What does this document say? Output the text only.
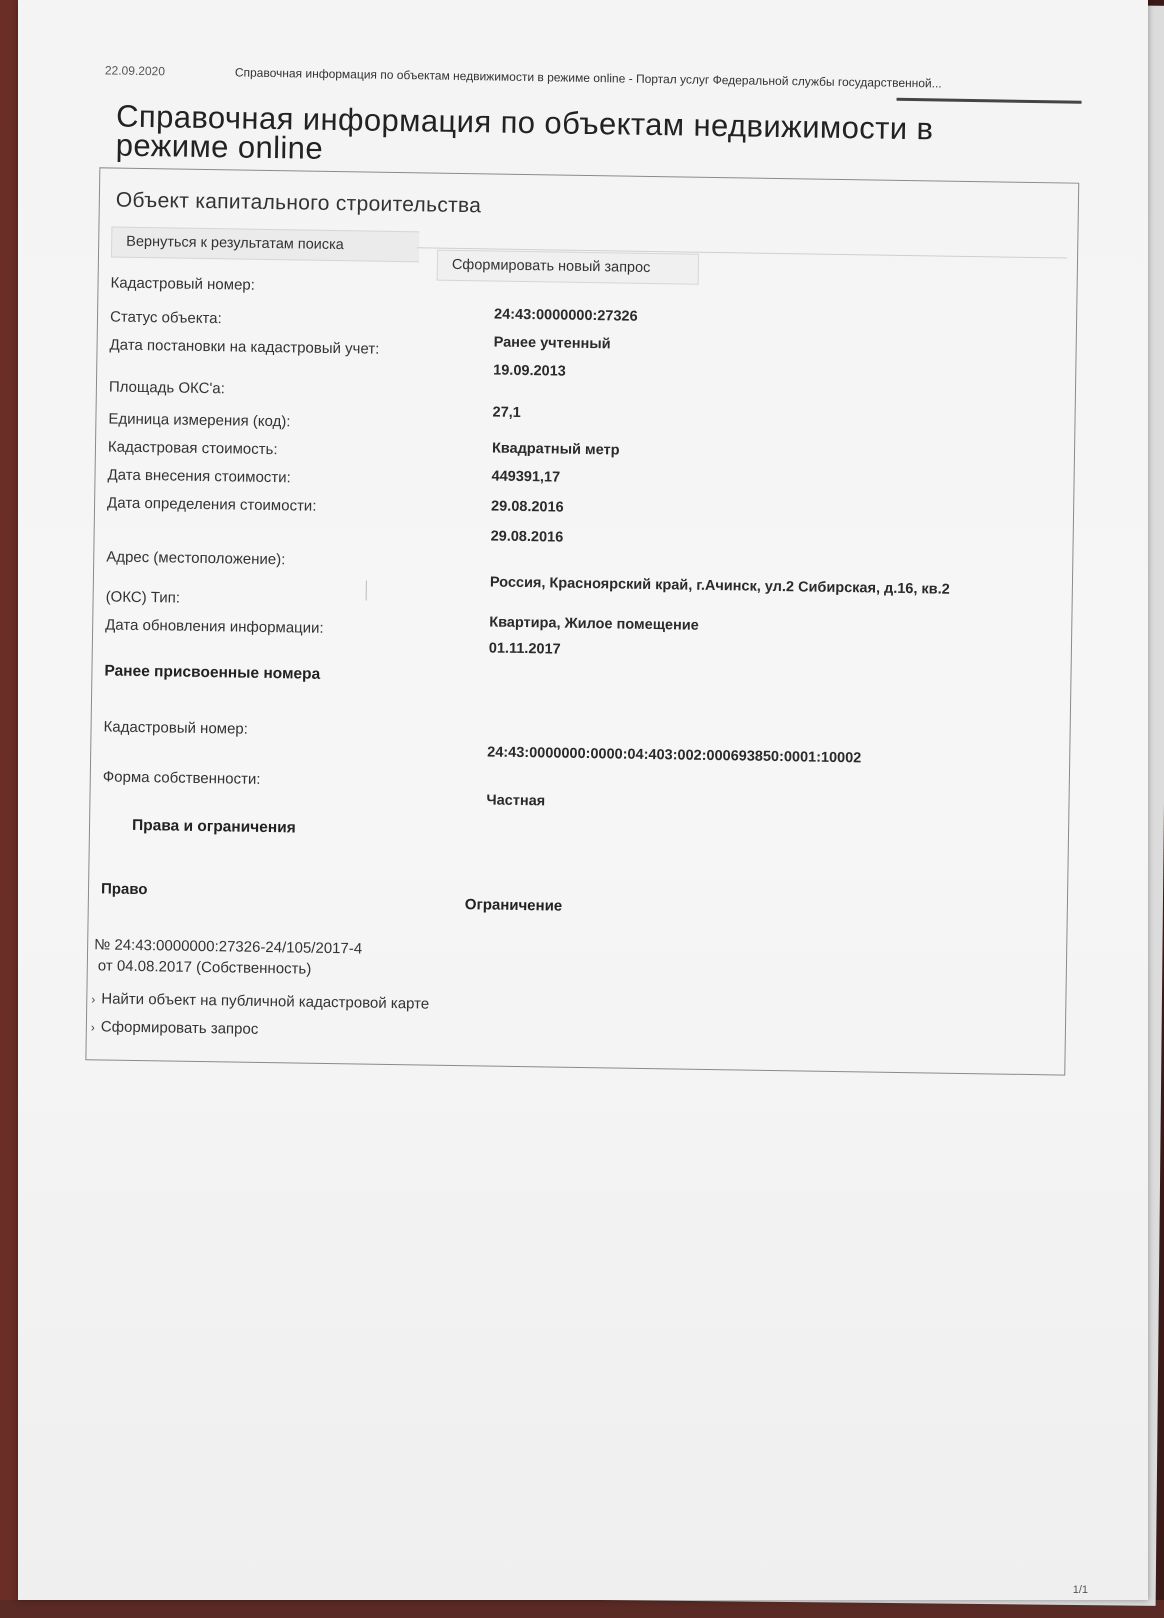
22.09.2020	Справочная информация по объектам недвижимости в режиме online - Портал услуг Федеральной службы государственной...
Справочная информация по объектам недвижимости в режиме online
Объект капитального строительства
Вернуться к результатам поиска
Сформировать новый запрос
Кадастровый номер:
24:43:0000000:27326
Статус объекта:
Ранее учтенный
Дата постановки на кадастровый учет:
19.09.2013
Площадь ОКС'а:
27,1
Единица измерения (код):
Квадратный метр
Кадастровая стоимость:
449391,17
Дата внесения стоимости:
29.08.2016
Дата определения стоимости:
29.08.2016
Адрес (местоположение):
Россия, Красноярский край, г.Ачинск, ул.2 Сибирская, д.16, кв.2
(ОКС) Тип:
Квартира, Жилое помещение
Дата обновления информации:
01.11.2017
Ранее присвоенные номера
Кадастровый номер:
24:43:0000000:0000:04:403:002:000693850:0001:10002
Форма собственности:
Частная
Права и ограничения
Право
Ограничение
№ 24:43:0000000:27326-24/105/2017-4
от 04.08.2017 (Собственность)
› Найти объект на публичной кадастровой карте
› Сформировать запрос
1/1
